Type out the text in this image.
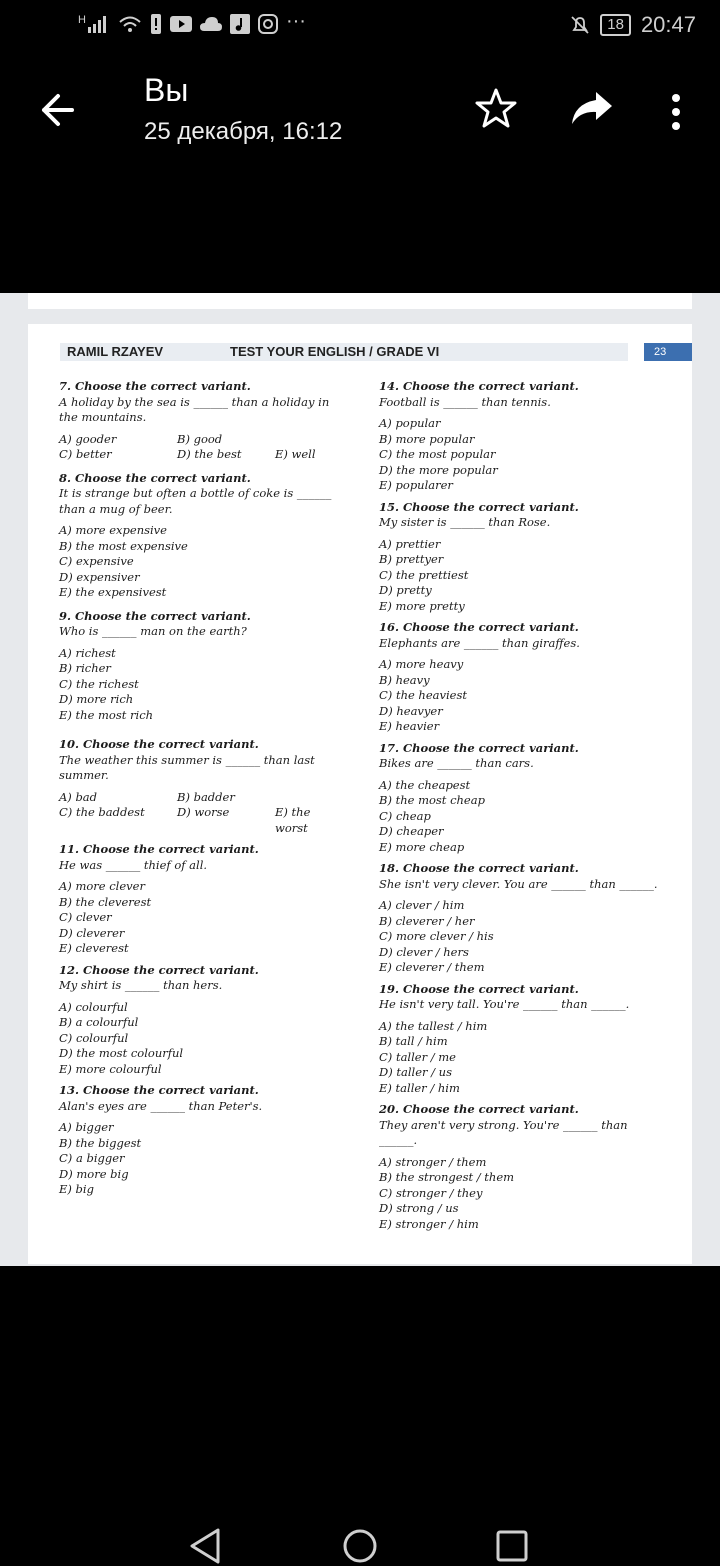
H	···	18 20:47
Вы
25 декабря, 16:12
RAMIL RZAYEV	TEST YOUR ENGLISH / GRADE VI	23
7. Choose the correct variant.
A holiday by the sea is ______ than a holiday in the mountains.
A) gooder	B) good
C) better	D) the best	E) well
8. Choose the correct variant.
It is strange but often a bottle of coke is ______ than a mug of beer.
A) more expensive
B) the most expensive
C) expensive
D) expensiver
E) the expensivest
9. Choose the correct variant.
Who is ______ man on the earth?
A) richest
B) richer
C) the richest
D) more rich
E) the most rich
10. Choose the correct variant.
The weather this summer is ______ than last summer.
A) bad	B) badder
C) the baddest	D) worse	E) the worst
11. Choose the correct variant.
He was ______ thief of all.
A) more clever
B) the cleverest
C) clever
D) cleverer
E) cleverest
12. Choose the correct variant.
My shirt is ______ than hers.
A) colourful
B) a colourful
C) colourful
D) the most colourful
E) more colourful
13. Choose the correct variant.
Alan's eyes are ______ than Peter's.
A) bigger
B) the biggest
C) a bigger
D) more big
E) big
14. Choose the correct variant.
Football is ______ than tennis.
A) popular
B) more popular
C) the most popular
D) the more popular
E) popularer
15. Choose the correct variant.
My sister is ______ than Rose.
A) prettier
B) prettyer
C) the prettiest
D) pretty
E) more pretty
16. Choose the correct variant.
Elephants are ______ than giraffes.
A) more heavy
B) heavy
C) the heaviest
D) heavyer
E) heavier
17. Choose the correct variant.
Bikes are ______ than cars.
A) the cheapest
B) the most cheap
C) cheap
D) cheaper
E) more cheap
18. Choose the correct variant.
She isn't very clever. You are ______ than ______.
A) clever / him
B) cleverer / her
C) more clever / his
D) clever / hers
E) cleverer / them
19. Choose the correct variant.
He isn't very tall. You're ______ than ______.
A) the tallest / him
B) tall / him
C) taller / me
D) taller / us
E) taller / him
20. Choose the correct variant.
They aren't very strong. You're ______ than ______.
A) stronger / them
B) the strongest / them
C) stronger / they
D) strong / us
E) stronger / him
